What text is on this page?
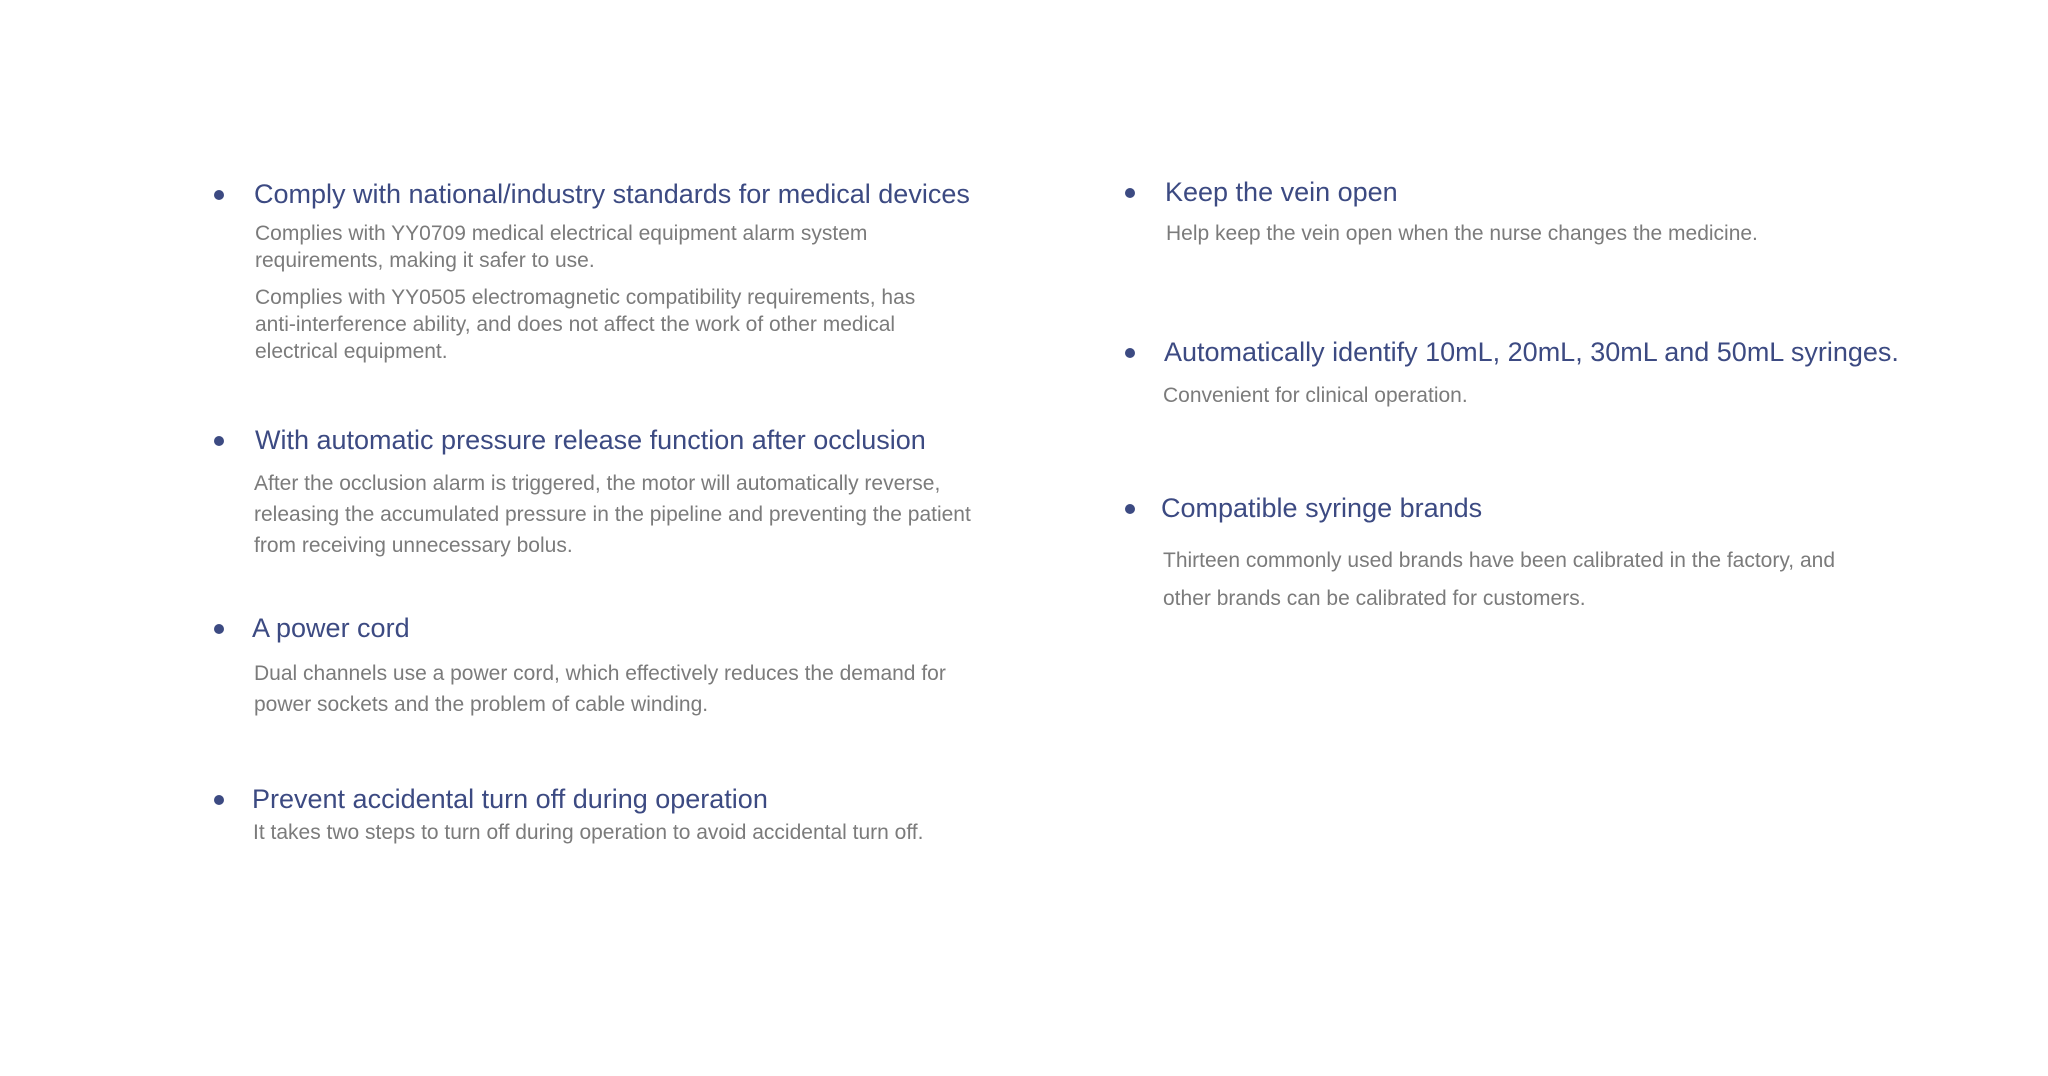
Comply with national/industry standards for medical devices

Complies with YY0709 medical electrical equipment alarm system requirements, making it safer to use.

Complies with YY0505 electromagnetic compatibility requirements, has anti-interference ability, and does not affect the work of other medical electrical equipment.

With automatic pressure release function after occlusion

After the occlusion alarm is triggered, the motor will automatically reverse, releasing the accumulated pressure in the pipeline and preventing the patient from receiving unnecessary bolus.

A power cord

Dual channels use a power cord, which effectively reduces the demand for power sockets and the problem of cable winding.

Prevent accidental turn off during operation

It takes two steps to turn off during operation to avoid accidental turn off.

Keep the vein open

Help keep the vein open when the nurse changes the medicine.

Automatically identify 10mL, 20mL, 30mL and 50mL syringes.

Convenient for clinical operation.

Compatible syringe brands

Thirteen commonly used brands have been calibrated in the factory, and other brands can be calibrated for customers.
